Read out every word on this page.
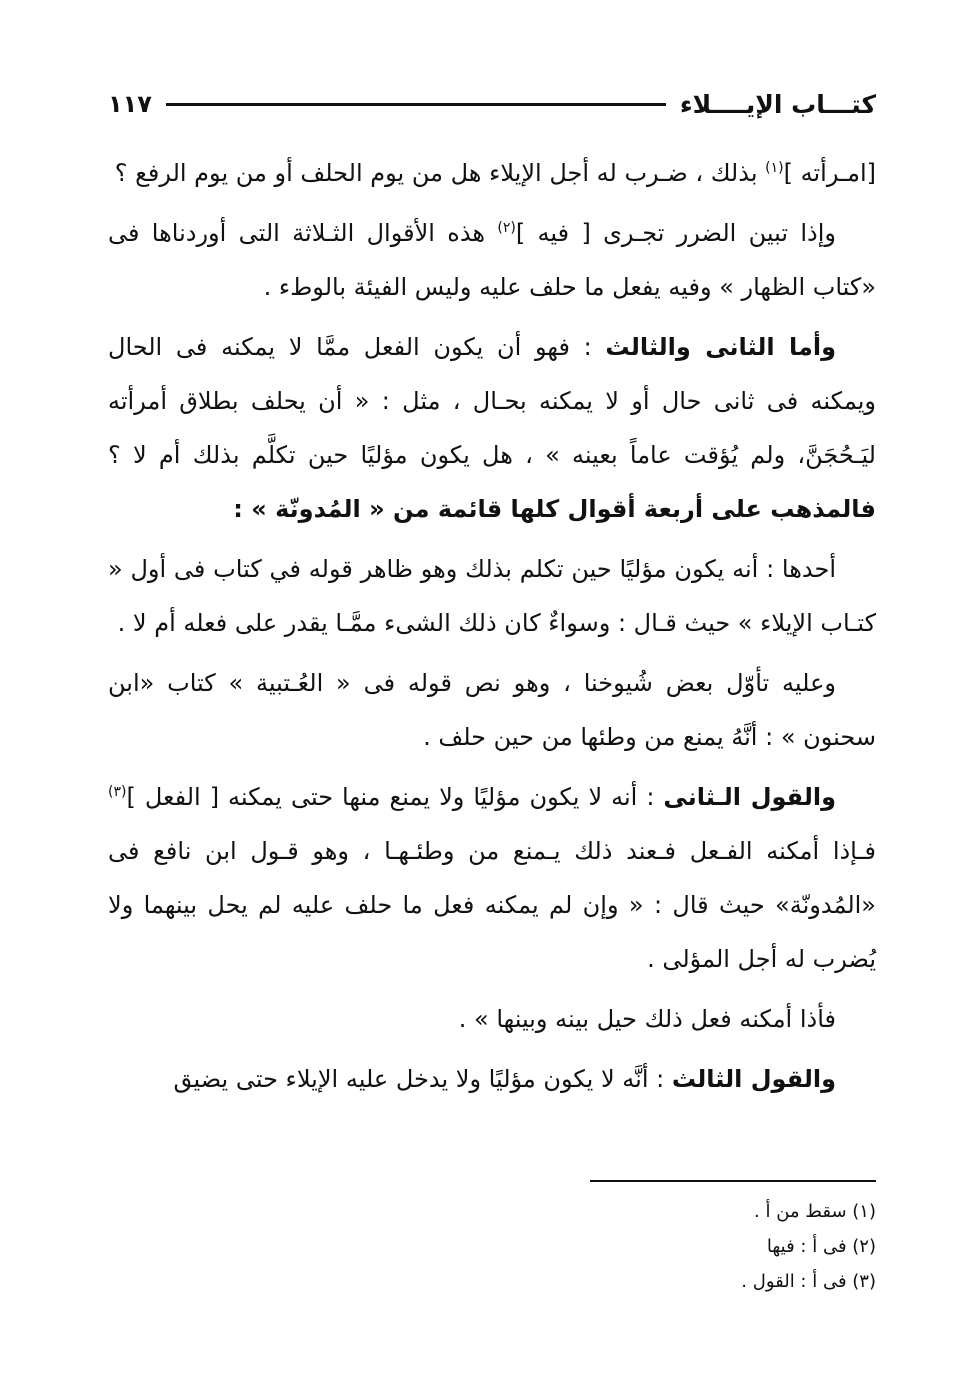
كتـــاب الإيــــلاء
١١٧

[امـرأته ]$^{(١)}$ بذلك ، ضـرب له أجل الإيلاء هل من يوم الحلف أو من يوم الرفع ؟

وإذا تبين الضرر تجـرى [ فيه ]$^{(٢)}$ هذه الأقوال الثـلاثة التى أوردناها فى «كتاب الظهار » وفيه يفعل ما حلف عليه وليس الفيئة بالوطء .

وأما الثانى والثالث : فهو أن يكون الفعل ممَّا لا يمكنه فى الحال ويمكنه فى ثانى حال أو لا يمكنه بحـال ، مثل : « أن يحلف بطلاق أمرأته ليَـحُجَنَّ، ولم يُؤقت عاماً بعينه » ، هل يكون مؤليًا حين تكلَّم بذلك أم لا ؟ فالمذهب على أربعة أقوال كلها قائمة من « المُدونّة » :

أحدها : أنه يكون مؤليًا حين تكلم بذلك وهو ظاهر قوله في كتاب فى أول « كتـاب الإيلاء » حيث قـال : وسواءٌ كان ذلك الشىء ممَّـا يقدر على فعله أم لا .

وعليه تأوّل بعض شُيوخنا ، وهو نص قوله فى « العُـتبية » كتاب «ابن سحنون » : أنَّهُ يمنع من وطئها من حين حلف .

والقول الـثانى : أنه لا يكون مؤليًا ولا يمنع منها حتى يمكنه [ الفعل ]$^{(٣)}$ فـإذا أمكنه الفـعل فـعند ذلك يـمنع من وطئـهـا ، وهو قـول ابن نافع فى «المُدونّة» حيث قال : « وإن لم يمكنه فعل ما حلف عليه لم يحل بينهما ولا يُضرب له أجل المؤلى .

فأذا أمكنه فعل ذلك حيل بينه وبينها » .

والقول الثالث : أنَّه لا يكون مؤليًا ولا يدخل عليه الإيلاء حتى يضيق

(١) سقط من أ .

(٢) فى أ : فيها

(٣) فى أ : القول .
